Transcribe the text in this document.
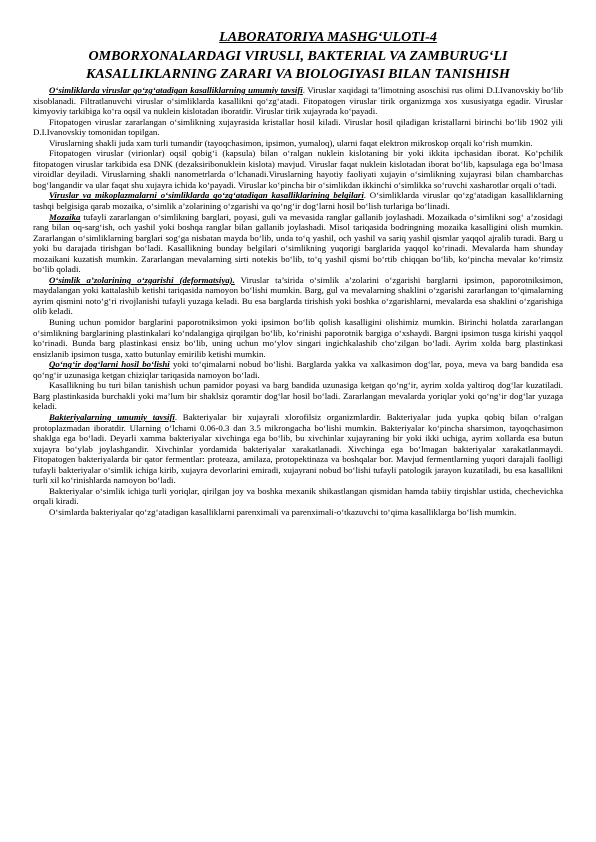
LABORATORIYA MASHG‘ULOTI-4
OMBORXONALARDAGI VIRUSLI, BAKTERIAL VA ZAMBURUG‘LI
KASALLIKLARNING ZARARI VA BIOLOGIYASI BILAN TANISHISH

O‘simliklarda viruslar qo‘zg‘atadigan kasalliklarning umumiy tavsifi. Viruslar xaqidagi ta’limotning asoschisi rus olimi D.I.Ivanovskiy bo‘lib xisoblanadi. Filtratlanuvchi viruslar o‘simliklarda kasallikni qo‘zg‘atadi. Fitopatogen viruslar tirik organizmga xos xususiyatga egadir. Viruslar kimyoviy tarkibiga ko‘ra oqsil va nuklein kislotadan iboratdir. Viruslar tirik xujayrada ko‘payadi.

Fitopatogen viruslar zararlangan o‘simlikning xujayrasida kristallar hosil kiladi. Viruslar hosil qiladigan kristallarni birinchi bo‘lib 1902 yili D.I.Ivanovskiy tomonidan topilgan.

Viruslarning shakli juda xam turli tumandir (tayoqchasimon, ipsimon, yumaloq), ularni faqat elektron mikroskop orqali ko‘rish mumkin.

Fitopatogen viruslar (virionlar) oqsil qobig‘i (kapsula) bilan o‘ralgan nuklein kislotaning bir yoki ikkita ipchasidan iborat. Ko‘pchilik fitopatogen viruslar tarkibida esa DNK (dezaksiribonuklein kislota) mavjud. Viruslar faqat nuklein kislotadan iborat bo‘lib, kapsulaga ega bo‘lmasa viroidlar deyiladi. Viruslarning shakli nanometrlarda o‘lchanadi.Viruslarning hayotiy faoliyati xujayin o‘simlikning xujayrasi bilan chambarchas bog‘langandir va ular faqat shu xujayra ichida ko‘payadi. Viruslar ko‘pincha bir o‘simlikdan ikkinchi o‘simlikka so‘ruvchi xasharotlar orqali o‘tadi.

Viruslar va mikoplazmalarni o‘simliklarda qo‘zg‘atadigan kasalliklarining belgilari. O‘simliklarda viruslar qo‘zg‘atadigan kasalliklarning tashqi belgisiga qarab mozaika, o‘simlik a’zolarining o‘zgarishi va qo‘ng‘ir dog‘larni hosil bo‘lish turlariga bo‘linadi.

Mozaika tufayli zararlangan o‘simlikning barglari, poyasi, guli va mevasida ranglar gallanib joylashadi. Mozaikada o‘simlikni sog‘ a’zosidagi rang bilan oq-sarg‘ish, och yashil yoki boshqa ranglar bilan gallanib joylashadi. Misol tariqasida bodringning mozaika kasalligini olish mumkin. Zararlangan o‘simliklarning barglari sog‘ga nisbatan mayda bo‘lib, unda to‘q yashil, och yashil va sariq yashil qismlar yaqqol ajralib turadi. Barg u yoki bu darajada tirishgan bo‘ladi. Kasallikning bunday belgilari o‘simlikning yuqorigi barglarida yaqqol ko‘rinadi. Mevalarda ham shunday mozaikani kuzatish mumkin. Zararlangan mevalarning sirti notekis bo‘lib, to‘q yashil qismi bo‘rtib chiqqan bo‘lib, ko‘pincha mevalar ko‘rimsiz bo‘lib qoladi.

O‘simlik a’zolarining o‘zgarishi (deformatsiya). Viruslar ta’sirida o‘simlik a’zolarini o‘zgarishi barglarni ipsimon, paporotniksimon, maydalangan yoki kattalashib ketishi tariqasida namoyon bo‘lishi mumkin. Barg, gul va mevalarning shaklini o‘zgarishi zararlangan to‘qimalarning ayrim qismini noto‘g‘ri rivojlanishi tufayli yuzaga keladi. Bu esa barglarda tirishish yoki boshka o‘zgarishlarni, mevalarda esa shaklini o‘zgarishiga olib keladi.

Buning uchun pomidor barglarini paporotniksimon yoki ipsimon bo‘lib qolish kasalligini olishimiz mumkin. Birinchi holatda zararlangan o‘simlikning barglarining plastinkalari ko‘ndalangiga qirqilgan bo‘lib, ko‘rinishi paporotnik bargiga o‘xshaydi. Bargni ipsimon tusga kirishi yaqqol ko‘rinadi. Bunda barg plastinkasi ensiz bo‘lib, uning uchun mo‘ylov singari ingichkalashib cho‘zilgan bo‘ladi. Ayrim xolda barg plastinkasi ensizlanib ipsimon tusga, xatto butunlay emirilib ketishi mumkin.

Qo‘ng‘ir dog‘larni hosil bo‘lishi yoki to‘qimalarni nobud bo‘lishi. Barglarda yakka va xalkasimon dog‘lar, poya, meva va barg bandida esa qo‘ng‘ir uzunasiga ketgan chiziqlar tariqasida namoyon bo‘ladi.

Kasallikning bu turi bilan tanishish uchun pamidor poyasi va barg bandida uzunasiga ketgan qo‘ng‘ir, ayrim xolda yaltiroq dog‘lar kuzatiladi. Barg plastinkasida burchakli yoki ma’lum bir shaklsiz qoramtir dog‘lar hosil bo‘ladi. Zararlangan mevalarda yoriqlar yoki qo‘ng‘ir dog‘lar yuzaga keladi.

Bakteriyalarning umumiy tavsifi. Bakteriyalar bir xujayrali xlorofilsiz organizmlardir. Bakteriyalar juda yupka qobiq bilan o‘ralgan protoplazmadan iboratdir. Ularning o‘lchami 0.06-0.3 dan 3.5 mikrongacha bo‘lishi mumkin. Bakteriyalar ko‘pincha sharsimon, tayoqchasimon shaklga ega bo‘ladi. Deyarli xamma bakteriyalar xivchinga ega bo‘lib, bu xivchinlar xujayraning bir yoki ikki uchiga, ayrim xollarda esa butun xujayra bo‘ylab joylashgandir. Xivchinlar yordamida bakteriyalar xarakatlanadi. Xivchinga ega bo‘lmagan bakteriyalar xarakatlanmaydi. Fitopatogen bakteriyalarda bir qator fermentlar: proteaza, amilaza, protopektinaza va boshqalar bor. Mavjud fermentlarning yuqori darajali faolligi tufayli bakteriyalar o‘simlik ichiga kirib, xujayra devorlarini emiradi, xujayrani nobud bo‘lishi tufayli patologik jarayon kuzatiladi, bu esa kasallikni turli xil ko‘rinishlarda namoyon bo‘ladi.

Bakteriyalar o‘simlik ichiga turli yoriqlar, qirilgan joy va boshka mexanik shikastlangan qismidan hamda tabiiy tirqishlar ustida, chechevichka orqali kiradi.

O‘simlarda bakteriyalar qo‘zg‘atadigan kasalliklarni parenximali va parenximali-o‘tkazuvchi to‘qima kasalliklarga bo‘lish mumkin.
